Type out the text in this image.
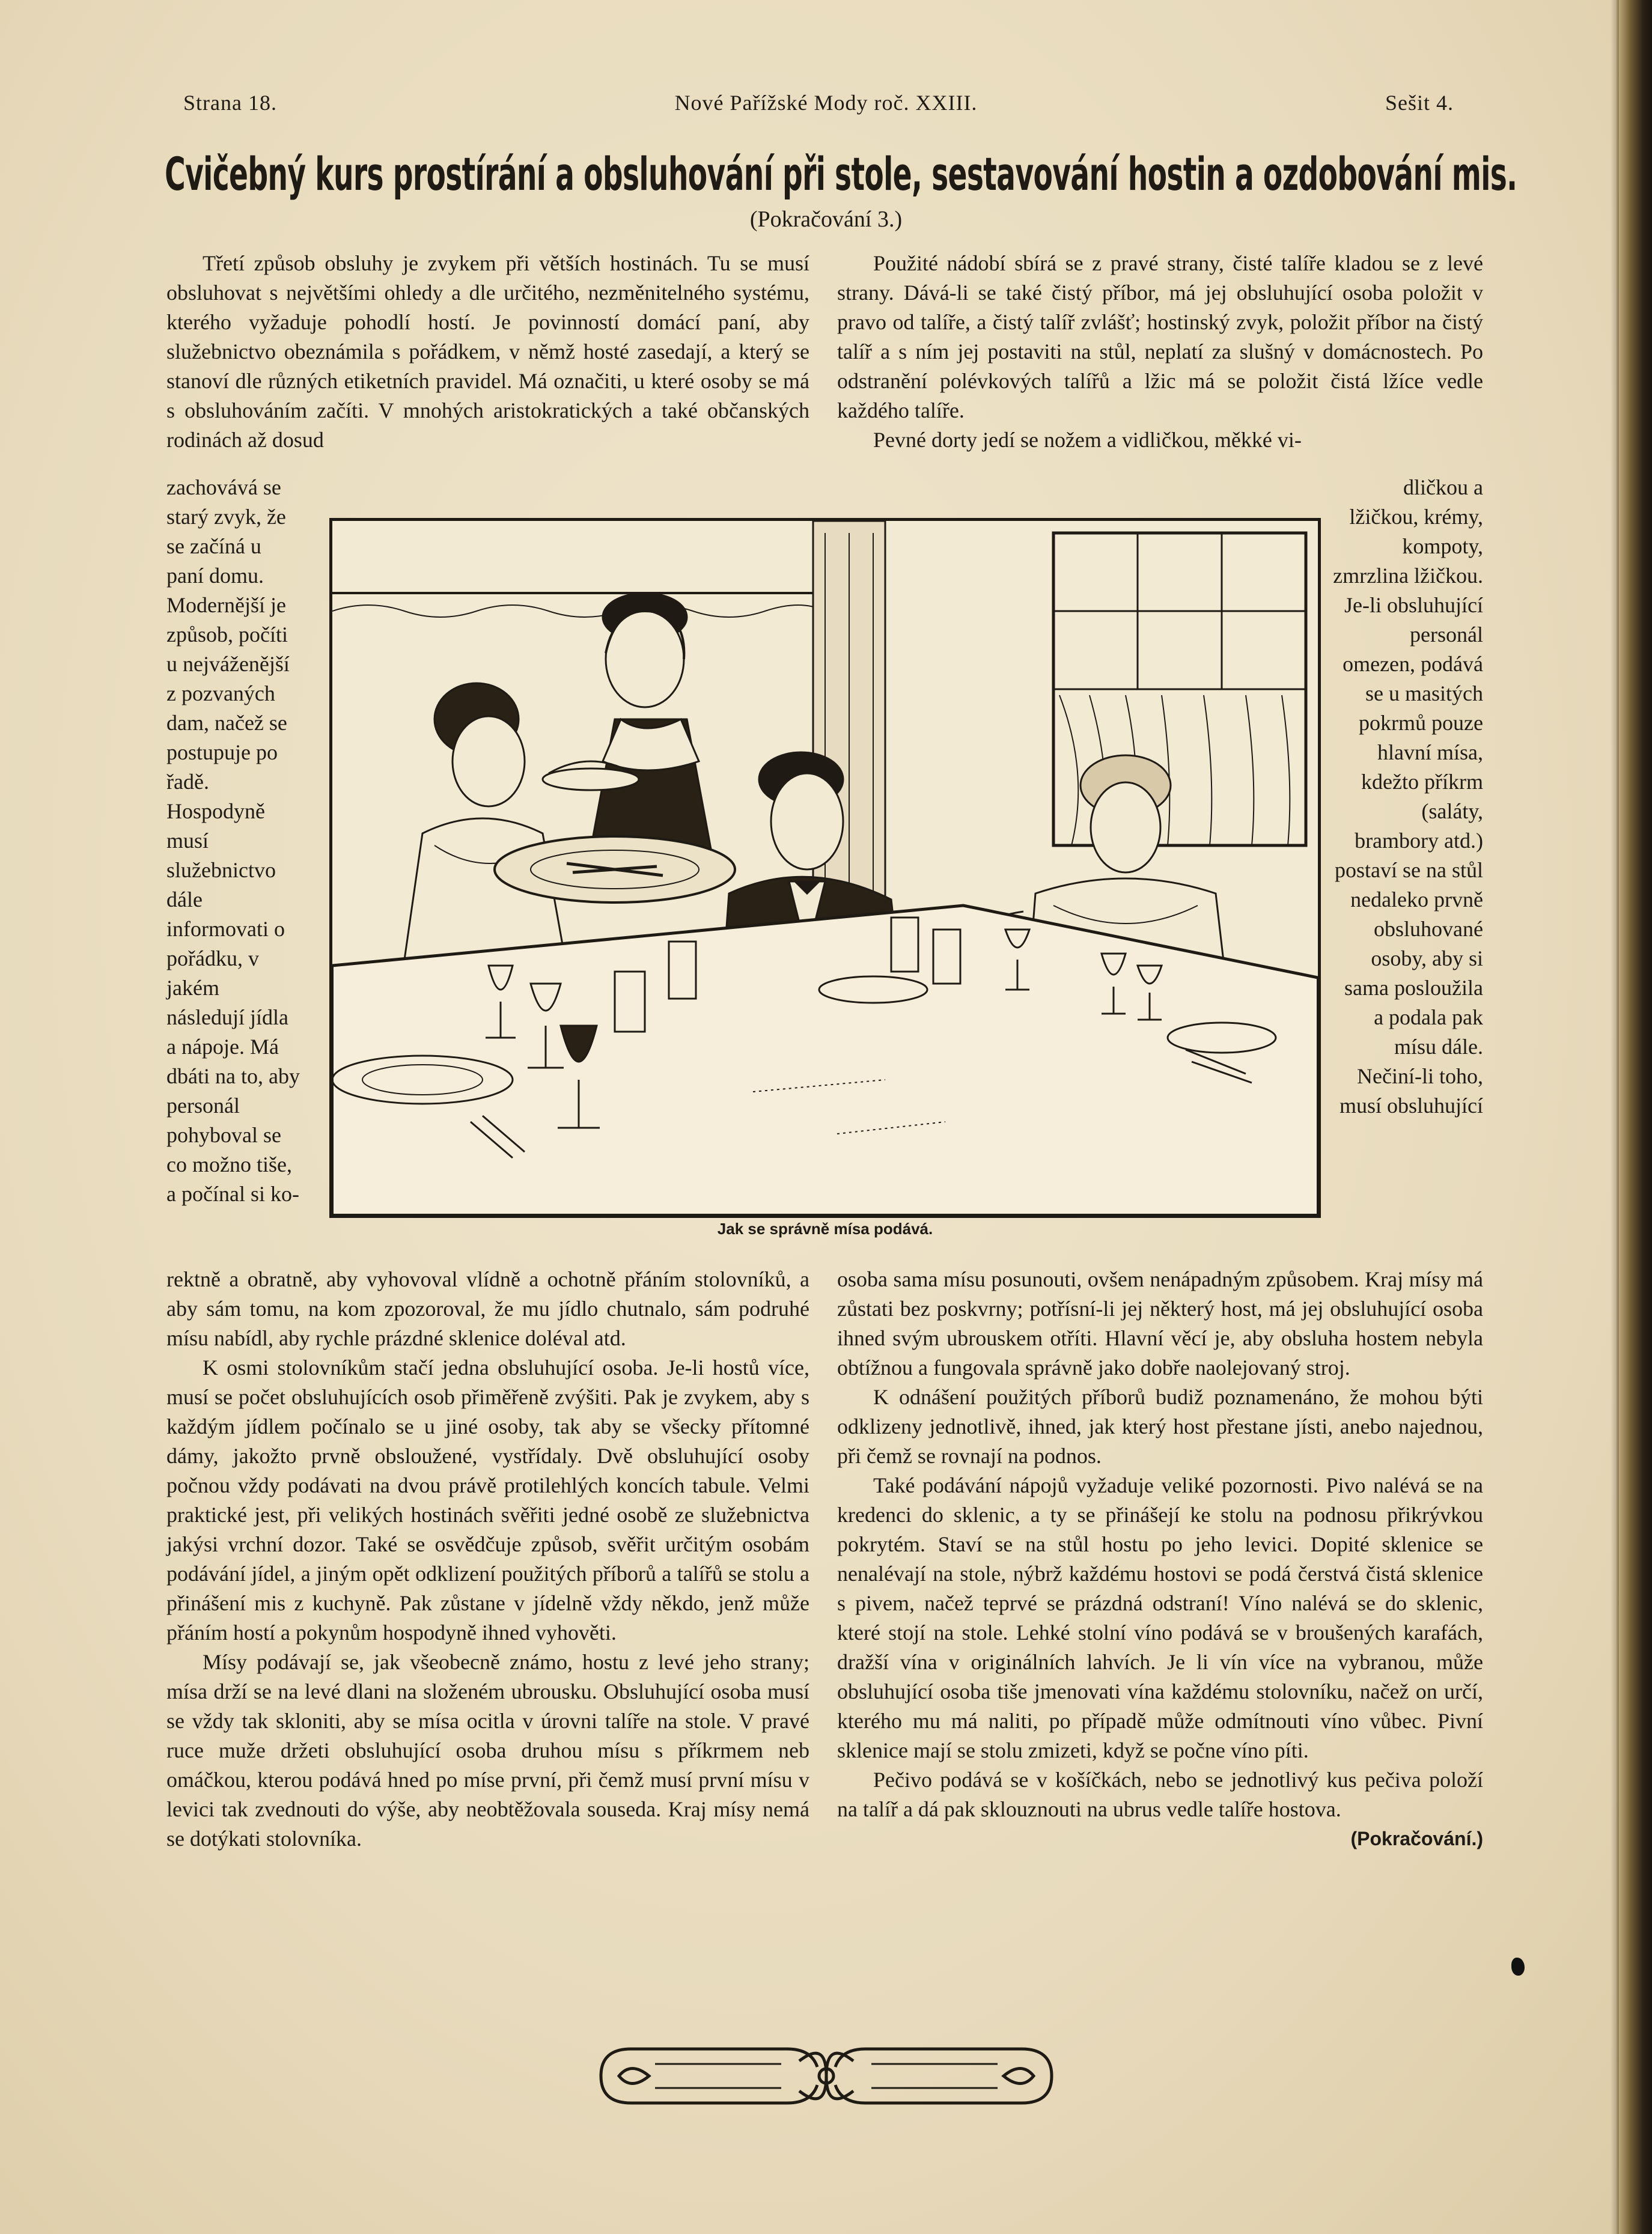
Strana 18.	Nové Pařížské Mody roč. XXIII.	Sešit 4.
Cvičebný kurs prostírání a obsluhování při stole, sestavování hostin a ozdobování mis.
(Pokračování 3.)

Třetí způsob obsluhy je zvykem při větších hostinách. Tu se musí obsluhovat s největšími ohledy a dle určitého, nezměnitelného systému, kterého vyžaduje pohodlí hostí. Je povinností domácí paní, aby služebnictvo obeznámila s pořádkem, v němž hosté zasedají, a který se stanoví dle různých etiketních pravidel. Má označiti, u které osoby se má s obsluhováním začíti. V mnohých aristokratických a také občanských rodinách až dosud

zachovává se starý zvyk, že se začíná u paní domu. Modernější je způsob, počíti u nejváženější z pozvaných dam, načež se postupuje po řadě. Hospodyně musí služebnictvo dále informovati o pořádku, v jakém následují jídla a nápoje. Má dbáti na to, aby personál pohyboval se co možno tiše, a počínal si ko-

rektně a obratně, aby vyhovoval vlídně a ochotně přáním stolovníků, a aby sám tomu, na kom zpozoroval, že mu jídlo chutnalo, sám podruhé mísu nabídl, aby rychle prázdné sklenice doléval atd.

K osmi stolovníkům stačí jedna obsluhující osoba. Je-li hostů více, musí se počet obsluhujících osob přiměřeně zvýšiti. Pak je zvykem, aby s každým jídlem počínalo se u jiné osoby, tak aby se všecky přítomné dámy, jakožto prvně obsloužené, vystřídaly. Dvě obsluhující osoby počnou vždy podávati na dvou právě protilehlých koncích tabule. Velmi praktické jest, při velikých hostinách svěřiti jedné osobě ze služebnictva jakýsi vrchní dozor. Také se osvědčuje způsob, svěřit určitým osobám podávání jídel, a jiným opět odklizení použitých příborů a talířů se stolu a přinášení mis z kuchyně. Pak zůstane v jídelně vždy někdo, jenž může přáním hostí a pokynům hospodyně ihned vyhověti.

Mísy podávají se, jak všeobecně známo, hostu z levé jeho strany; mísa drží se na levé dlani na složeném ubrousku. Obsluhující osoba musí se vždy tak skloniti, aby se mísa ocitla v úrovni talíře na stole. V pravé ruce muže držeti obsluhující osoba druhou mísu s příkrmem neb omáčkou, kterou podává hned po míse první, při čemž musí první mísu v levici tak zvednouti do výše, aby neobtěžovala souseda. Kraj mísy nemá se dotýkati stolovníka.

Použité nádobí sbírá se z pravé strany, čisté talíře kladou se z levé strany. Dává-li se také čistý příbor, má jej obsluhující osoba položit v pravo od talíře, a čistý talíř zvlášť; hostinský zvyk, položit příbor na čistý talíř a s ním jej postaviti na stůl, neplatí za slušný v domácnostech. Po odstranění polévkových talířů a lžic má se položit čistá lžíce vedle každého talíře.

Pevné dorty jedí se nožem a vidličkou, měkké vi-

dličkou a lžičkou, krémy, kompoty, zmrzlina lžičkou. Je-li obsluhující personál omezen, podává se u masitých pokrmů pouze hlavní mísa, kdežto příkrm (saláty, brambory atd.) postaví se na stůl nedaleko prvně obsluhované osoby, aby si sama posloužila a podala pak mísu dále. Nečiní-li toho, musí obsluhující

osoba sama mísu posunouti, ovšem nenápadným způsobem. Kraj mísy má zůstati bez poskvrny; potřísní-li jej některý host, má jej obsluhující osoba ihned svým ubrouskem otříti. Hlavní věcí je, aby obsluha hostem nebyla obtížnou a fungovala správně jako dobře naolejovaný stroj.

K odnášení použitých příborů budiž poznamenáno, že mohou býti odklizeny jednotlivě, ihned, jak který host přestane jísti, anebo najednou, při čemž se rovnají na podnos.

Také podávání nápojů vyžaduje veliké pozornosti. Pivo nalévá se na kredenci do sklenic, a ty se přinášejí ke stolu na podnosu přikrývkou pokrytém. Staví se na stůl hostu po jeho levici. Dopité sklenice se nenalévají na stole, nýbrž každému hostovi se podá čerstvá čistá sklenice s pivem, načež teprvé se prázdná odstraní! Víno nalévá se do sklenic, které stojí na stole. Lehké stolní víno podává se v broušených karafách, dražší vína v originálních lahvích. Je li vín více na vybranou, může obsluhující osoba tiše jmenovati vína každému stolovníku, načež on určí, kterého mu má naliti, po případě může odmítnouti víno vůbec. Pivní sklenice mají se stolu zmizeti, když se počne víno píti.

Pečivo podává se v košíčkách, nebo se jednotlivý kus pečiva položí na talíř a dá pak sklouznouti na ubrus vedle talíře hostova.
(Pokračování.)

Jak se správně mísa podává.
